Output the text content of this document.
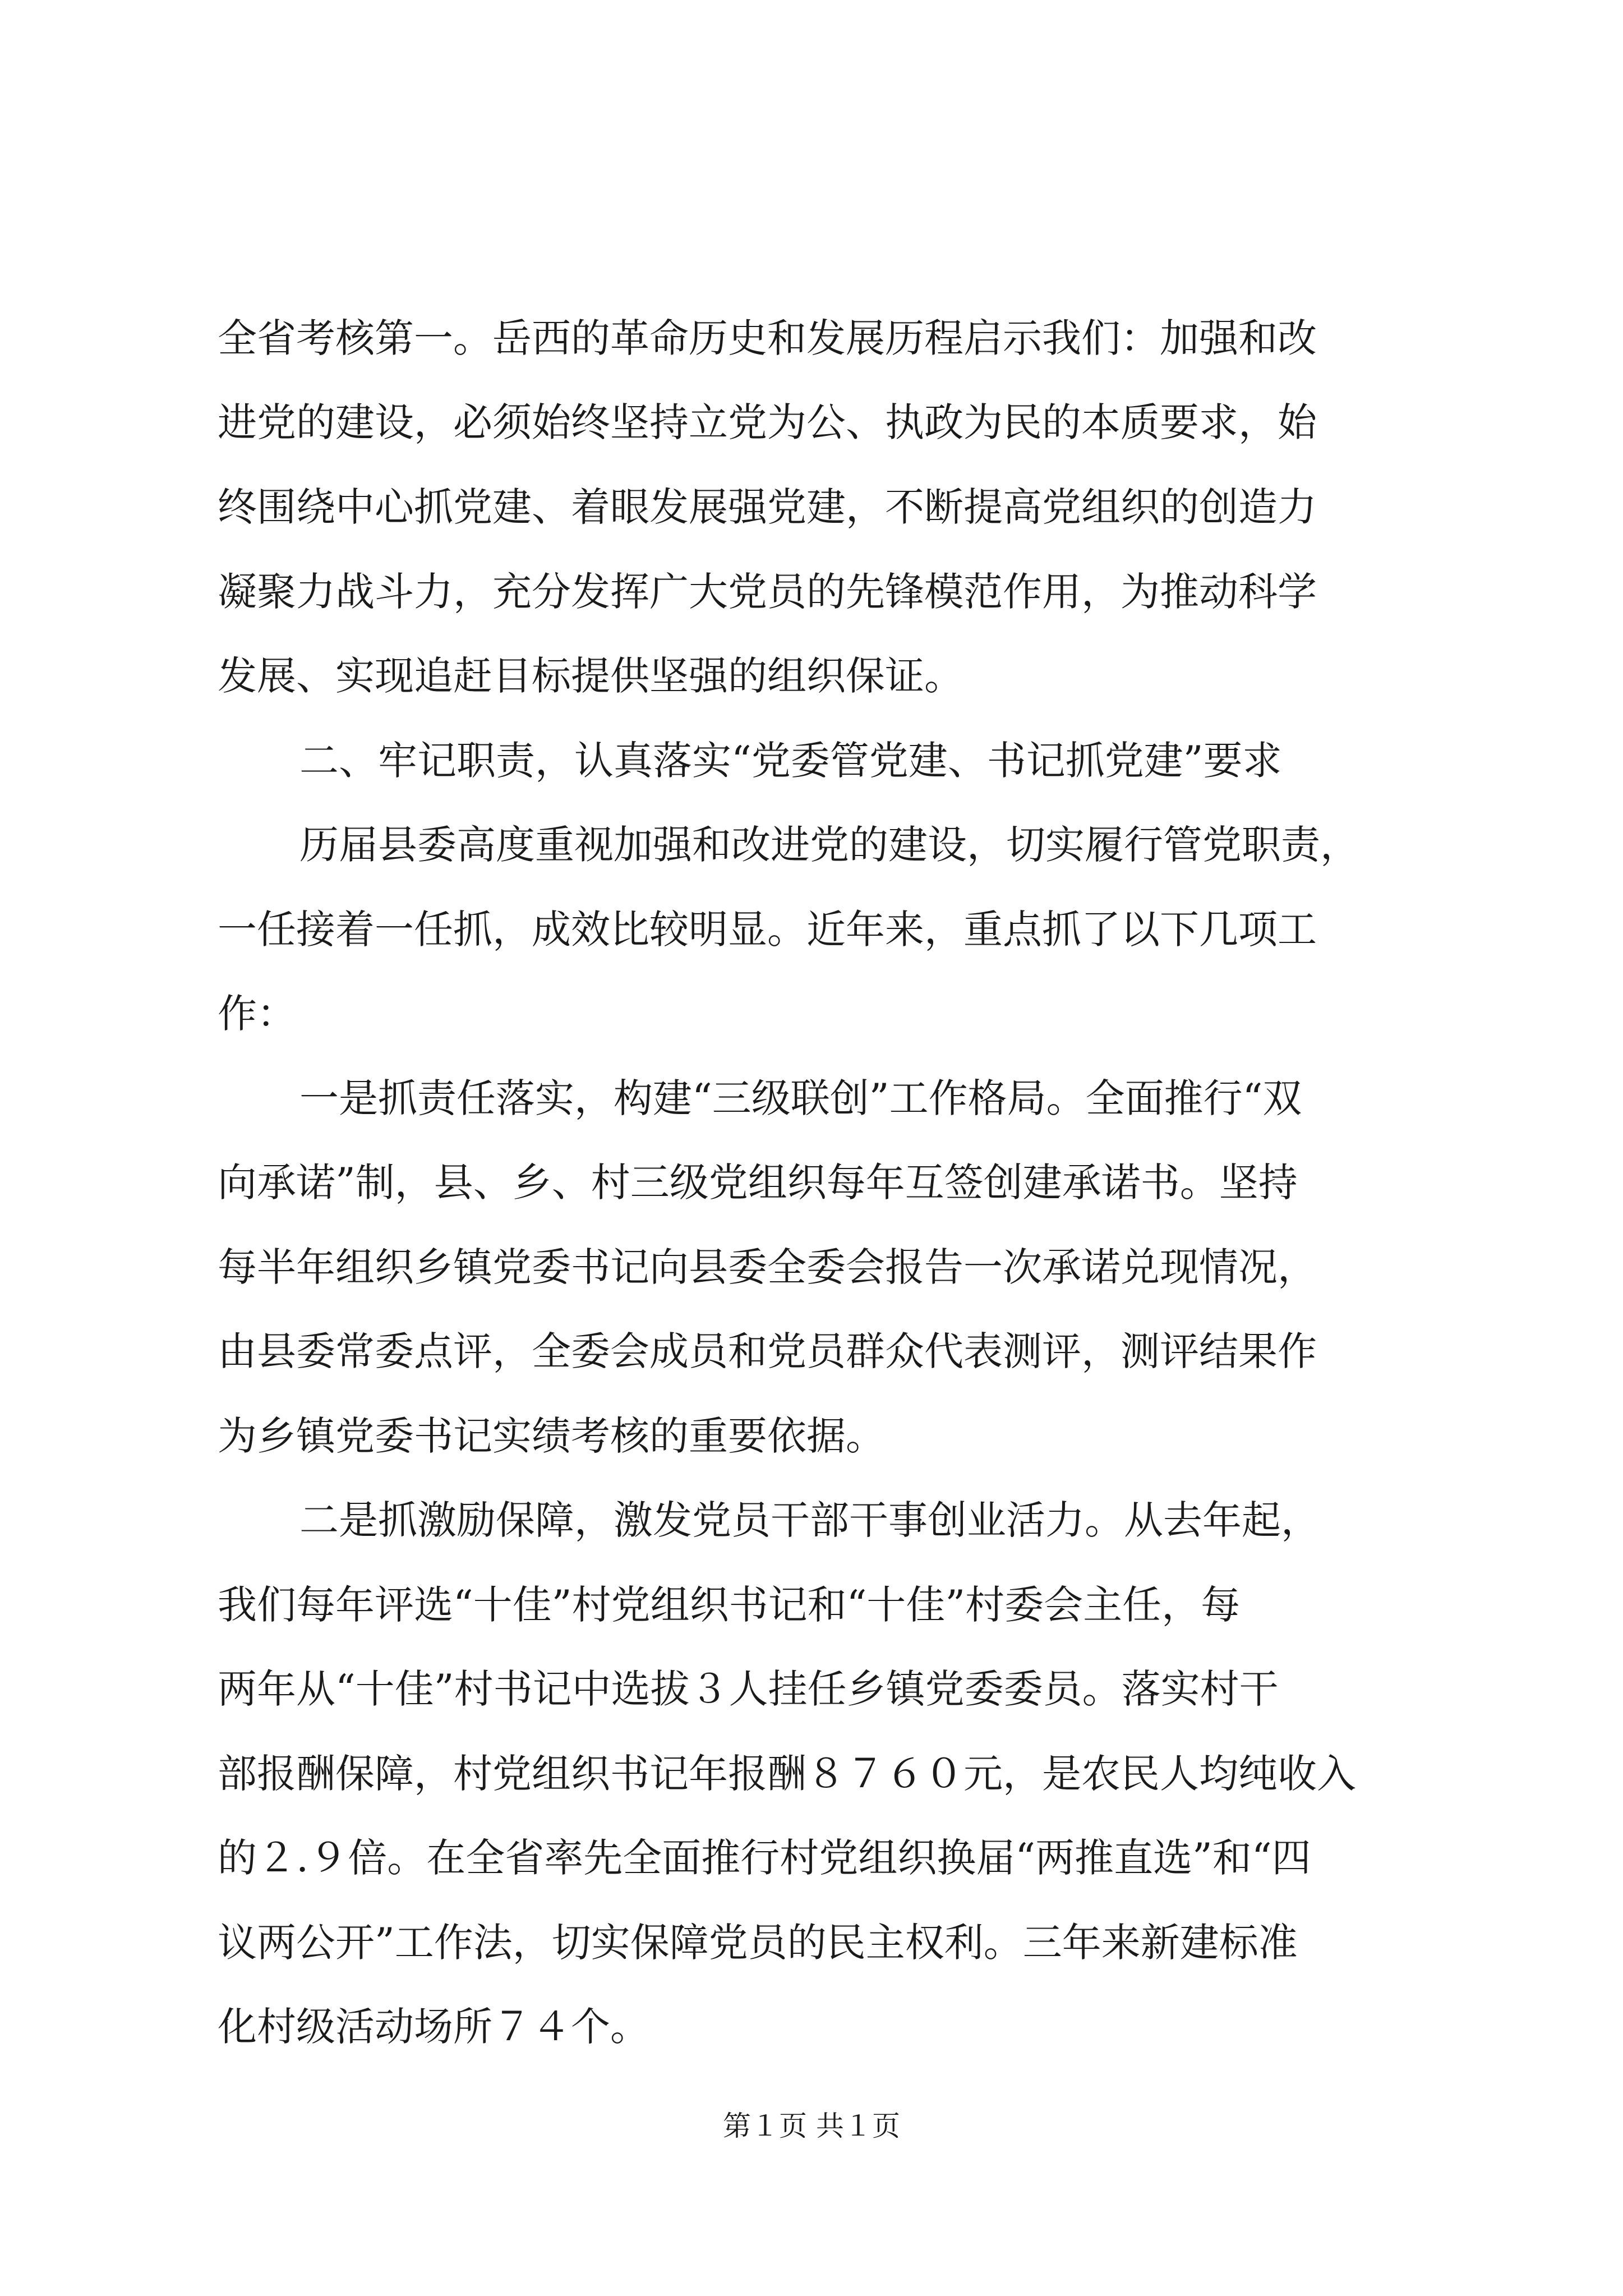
全省考核第一。岳西的革命历史和发展历程启示我们：加强和改
进党的建设，必须始终坚持立党为公、执政为民的本质要求，始
终围绕中心抓党建、着眼发展强党建，不断提高党组织的创造力
凝聚力战斗力，充分发挥广大党员的先锋模范作用，为推动科学
发展、实现追赶目标提供坚强的组织保证。
二、牢记职责，认真落实“党委管党建、书记抓党建”要求
历届县委高度重视加强和改进党的建设，切实履行管党职责，
一任接着一任抓，成效比较明显。近年来，重点抓了以下几项工
作：
一是抓责任落实，构建“三级联创”工作格局。全面推行“双
向承诺”制，县、乡、村三级党组织每年互签创建承诺书。坚持
每半年组织乡镇党委书记向县委全委会报告一次承诺兑现情况，
由县委常委点评，全委会成员和党员群众代表测评，测评结果作
为乡镇党委书记实绩考核的重要依据。
二是抓激励保障，激发党员干部干事创业活力。从去年起，
我们每年评选“十佳”村党组织书记和“十佳”村委会主任，每
两年从“十佳”村书记中选拔３人挂任乡镇党委委员。落实村干
部报酬保障，村党组织书记年报酬８７６０元，是农民人均纯收入
的２.９倍。在全省率先全面推行村党组织换届“两推直选”和“四
议两公开”工作法，切实保障党员的民主权利。三年来新建标准
化村级活动场所７４个。
第１页 共１页
